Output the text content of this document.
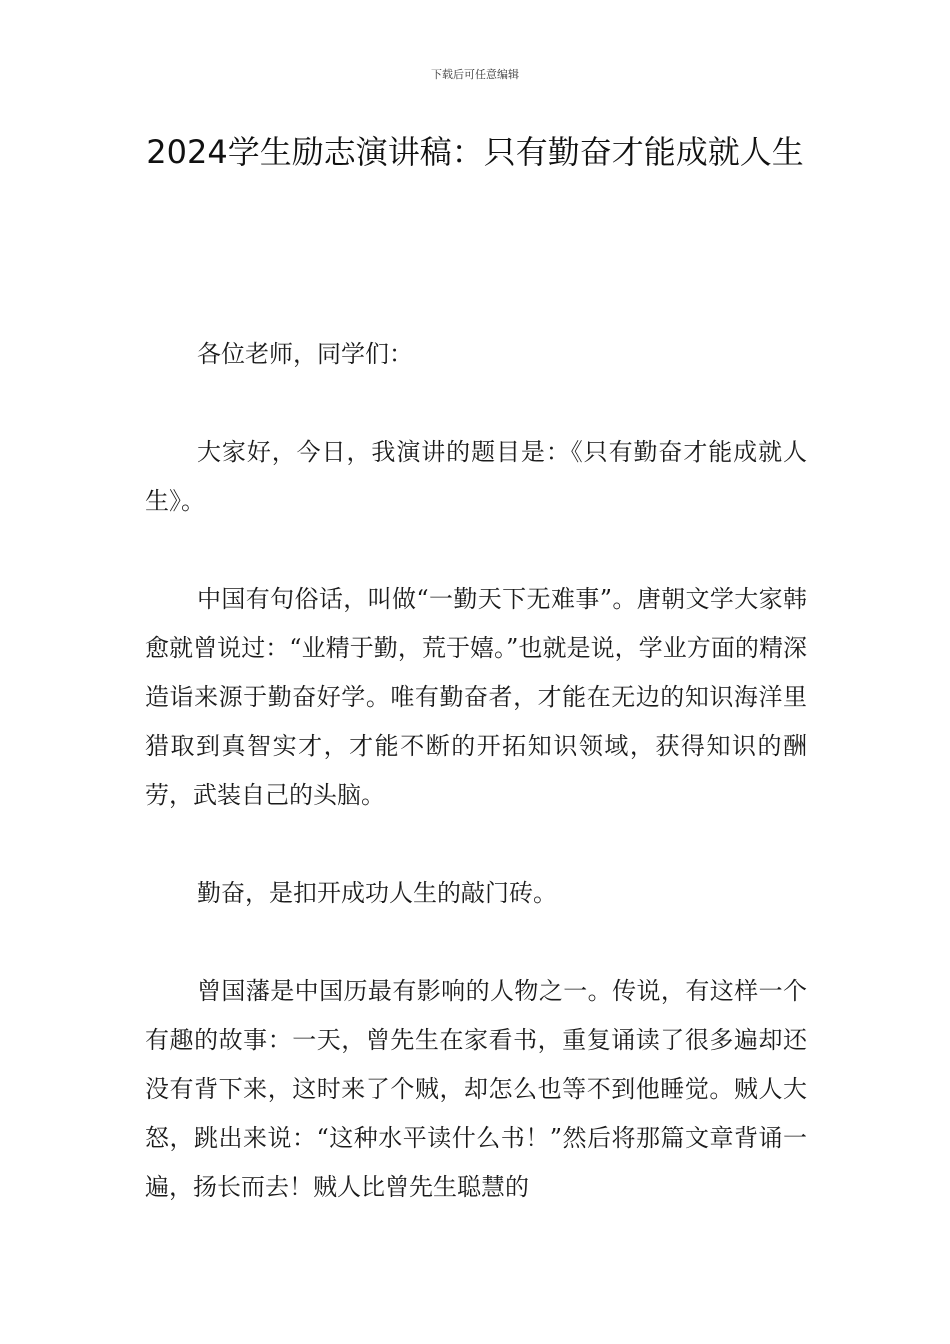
下载后可任意编辑
2024学生励志演讲稿：只有勤奋才能成就人生

各位老师，同学们：

大家好，今日，我演讲的题目是：《只有勤奋才能成就人生》。

中国有句俗话，叫做“一勤天下无难事”。唐朝文学大家韩愈就曾说过：“业精于勤，荒于嬉。”也就是说，学业方面的精深造诣来源于勤奋好学。唯有勤奋者，才能在无边的知识海洋里猎取到真智实才，才能不断的开拓知识领域，获得知识的酬劳，武装自己的头脑。

勤奋，是扣开成功人生的敲门砖。

曾国藩是中国历最有影响的人物之一。传说，有这样一个有趣的故事：一天，曾先生在家看书，重复诵读了很多遍却还没有背下来，这时来了个贼，却怎么也等不到他睡觉。贼人大怒，跳出来说：“这种水平读什么书！”然后将那篇文章背诵一遍，扬长而去！贼人比曾先生聪慧的
